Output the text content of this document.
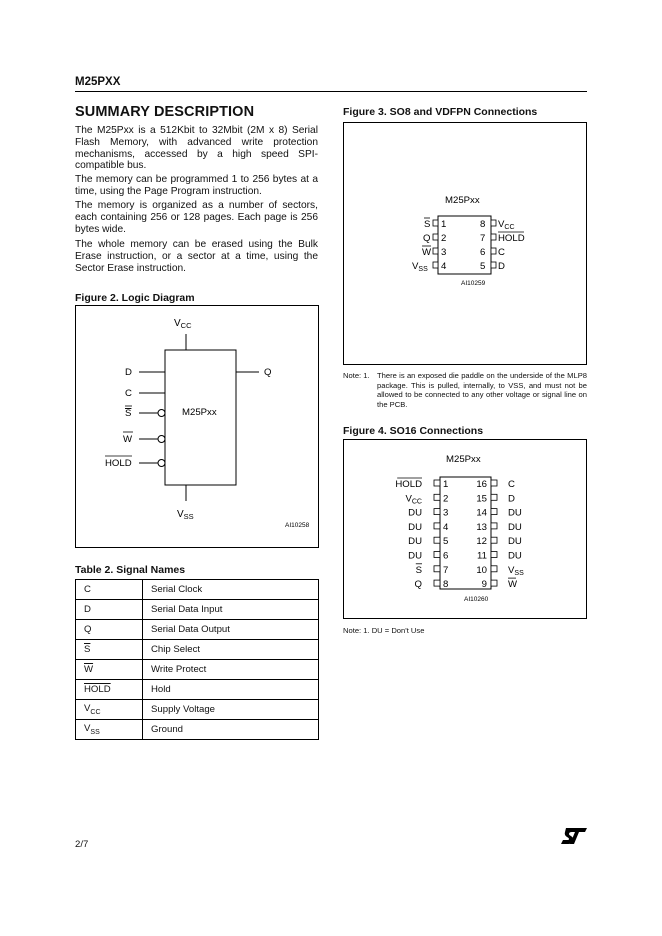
M25PXX
SUMMARY DESCRIPTION
The M25Pxx is a 512Kbit to 32Mbit (2M x 8) Serial Flash Memory, with advanced write protection mechanisms, accessed by a high speed SPI-compatible bus.
The memory can be programmed 1 to 256 bytes at a time, using the Page Program instruction.
The memory is organized as a number of sectors, each containing 256 or 128 pages. Each page is 256 bytes wide.
The whole memory can be erased using the Bulk Erase instruction, or a sector at a time, using the Sector Erase instruction.
Figure 2. Logic Diagram
$V_{CC}$
M25Pxx
$V_{SS}$
D
C
S
W
HOLD
Q
AI10258
Table 2. Signal Names
C	Serial Clock
D	Serial Data Input
Q	Serial Data Output
$\overline{S}$	Chip Select
$\overline{W}$	Write Protect
HOLD	Hold
$V_{CC}$	Supply Voltage
$V_{SS}$	Ground
Figure 3. SO8 and VDFPN Connections
M25Pxx
S 1
Q 2
W 3
$V_{SS}$ 4
8 $V_{CC}$
7 HOLD
6 C
5 D
AI10259
Note: 1. There is an exposed die paddle on the underside of the MLP8 package. This is pulled, internally, to VSS, and must not be allowed to be connected to any other voltage or signal line on the PCB.
Figure 4. SO16 Connections
M25Pxx
HOLD 1
$V_{CC}$ 2
DU 3
DU 4
DU 5
DU 6
S 7
Q 8
16 C
15 D
14 DU
13 DU
12 DU
11 DU
10 $V_{SS}$
9 W
AI10260
Note: 1. DU = Don't Use
2/7
